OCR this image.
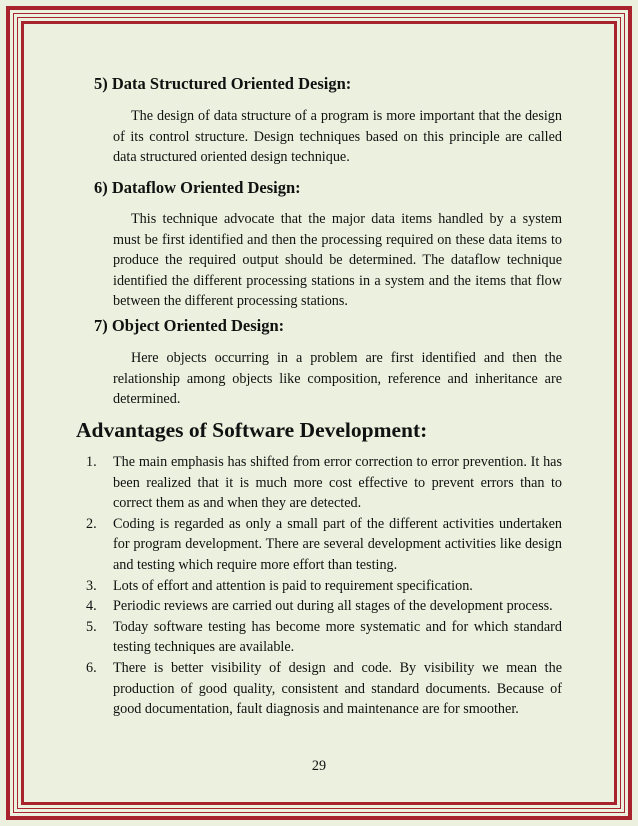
5) Data Structured Oriented Design:

The design of data structure of a program is more important that the design of its control structure. Design techniques based on this principle are called data structured oriented design technique.

6) Dataflow Oriented Design:

This technique advocate that the major data items handled by a system must be first identified and then the processing required on these data items to produce the required output should be determined. The dataflow technique identified the different processing stations in a system and the items that flow between the different processing stations.

7) Object Oriented Design:

Here objects occurring in a problem are first identified and then the relationship among objects like composition, reference and inheritance are determined.

Advantages of Software Development:
1.	The main emphasis has shifted from error correction to error prevention. It has been realized that it is much more cost effective to prevent errors than to correct them as and when they are detected.
2.	Coding is regarded as only a small part of the different activities undertaken for program development. There are several development activities like design and testing which require more effort than testing.
3.	Lots of effort and attention is paid to requirement specification.
4.	Periodic reviews are carried out during all stages of the development process.
5.	Today software testing has become more systematic and for which standard testing techniques are available.
6.	There is better visibility of design and code. By visibility we mean the production of good quality, consistent and standard documents. Because of good documentation, fault diagnosis and maintenance are for smoother.
29
